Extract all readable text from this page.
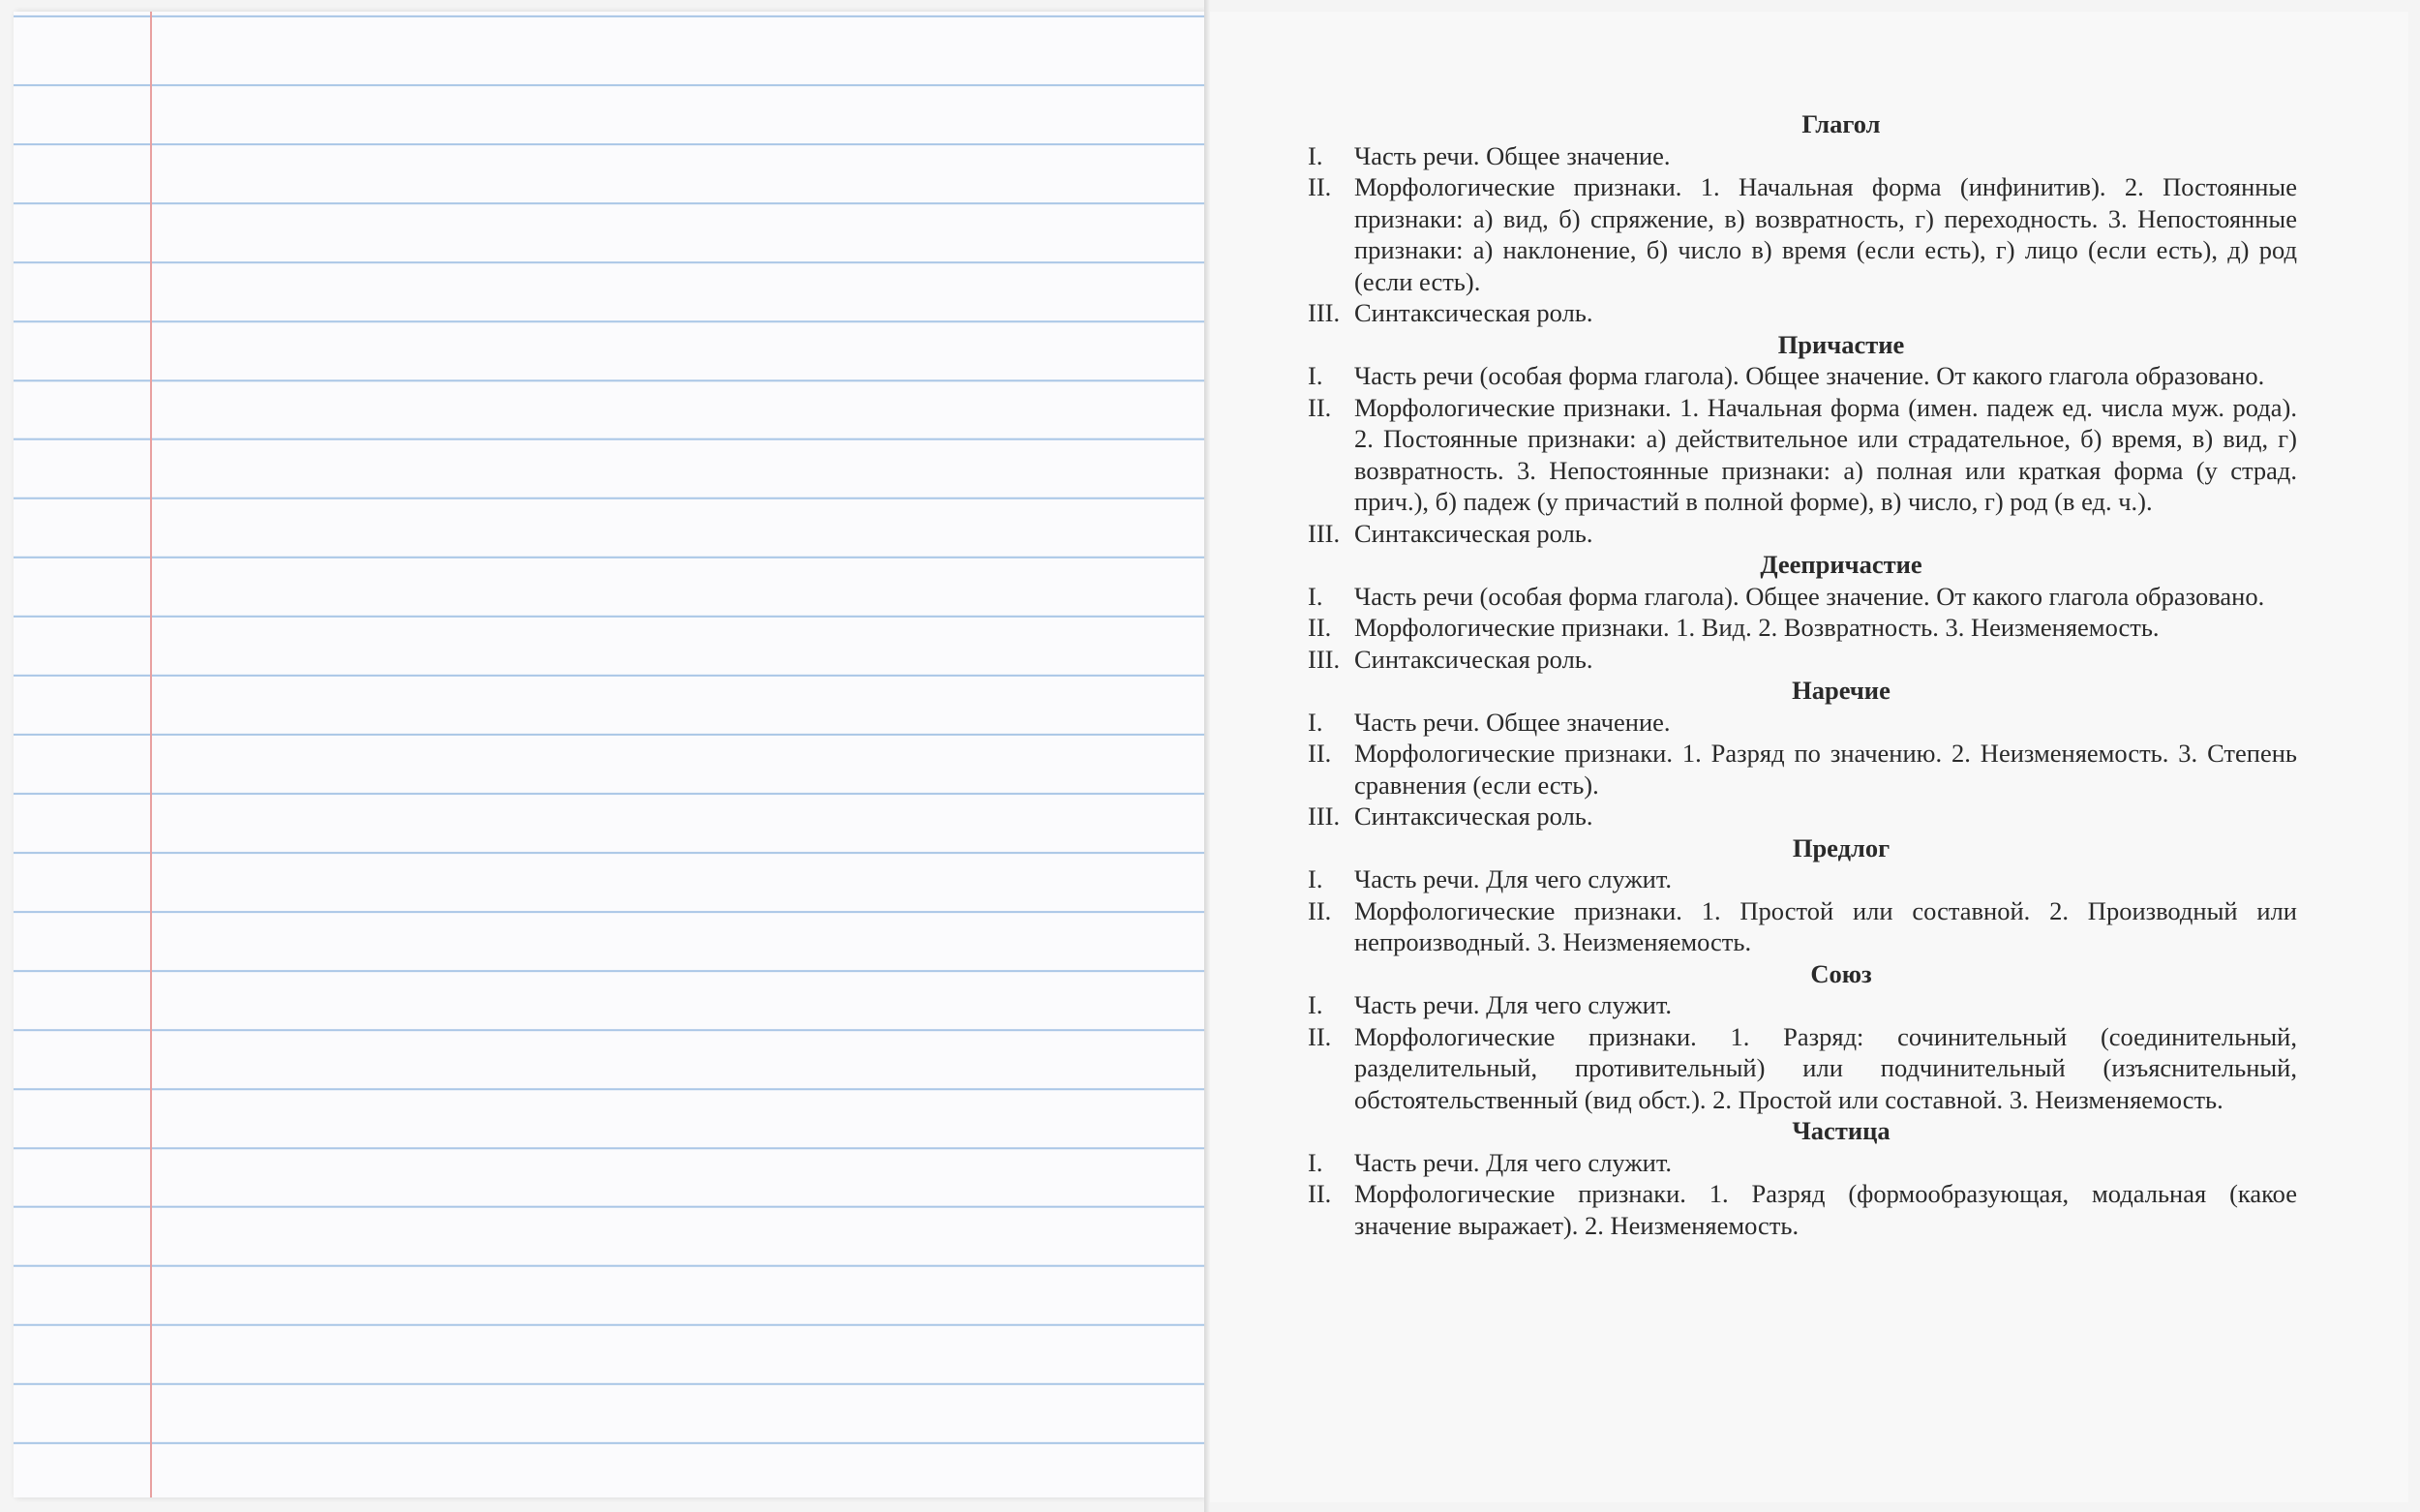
Глагол

I.	Часть речи. Общее значение.
II. Морфологические признаки. 1. Начальная форма (инфинитив). 2. Постоянные признаки: а) вид, б) спряжение, в) возвратность, г) переходность. 3. Непостоянные признаки: а) наклонение, б) число в) время (если есть), г) лицо (если есть), д) род (если есть).
III. Синтаксическая роль.

Причастие

I.	Часть речи (особая форма глагола). Общее значение. От какого глагола образовано.
II. Морфологические признаки. 1. Начальная форма (имен. падеж ед. числа муж. рода). 2. Постоянные признаки: а) действительное или страдательное, б) время, в) вид, г) возвратность. 3. Непостоянные признаки: а) полная или краткая форма (у страд. прич.), б) падеж (у причастий в полной форме), в) число, г) род (в ед. ч.).
III. Синтаксическая роль.

Деепричастие

I.	Часть речи (особая форма глагола). Общее значение. От какого глагола образовано.
II. Морфологические признаки. 1. Вид. 2. Возвратность. 3. Неизменяемость.
III. Синтаксическая роль.

Наречие

I.	Часть речи. Общее значение.
II. Морфологические признаки. 1. Разряд по значению. 2. Неизменяемость. 3. Степень сравнения (если есть).
III. Синтаксическая роль.

Предлог

I.	Часть речи. Для чего служит.
II. Морфологические признаки. 1. Простой или составной. 2. Производный или непроизводный. 3. Неизменяемость.

Союз

I.	Часть речи. Для чего служит.
II. Морфологические признаки. 1. Разряд: сочинительный (соединительный, разделительный, противительный) или подчинительный (изъяснительный, обстоятельственный (вид обст.). 2. Простой или составной. 3. Неизменяемость.

Частица

I.	Часть речи. Для чего служит.
II. Морфологические признаки. 1. Разряд (формообразующая, модальная (какое значение выражает). 2. Неизменяемость.
